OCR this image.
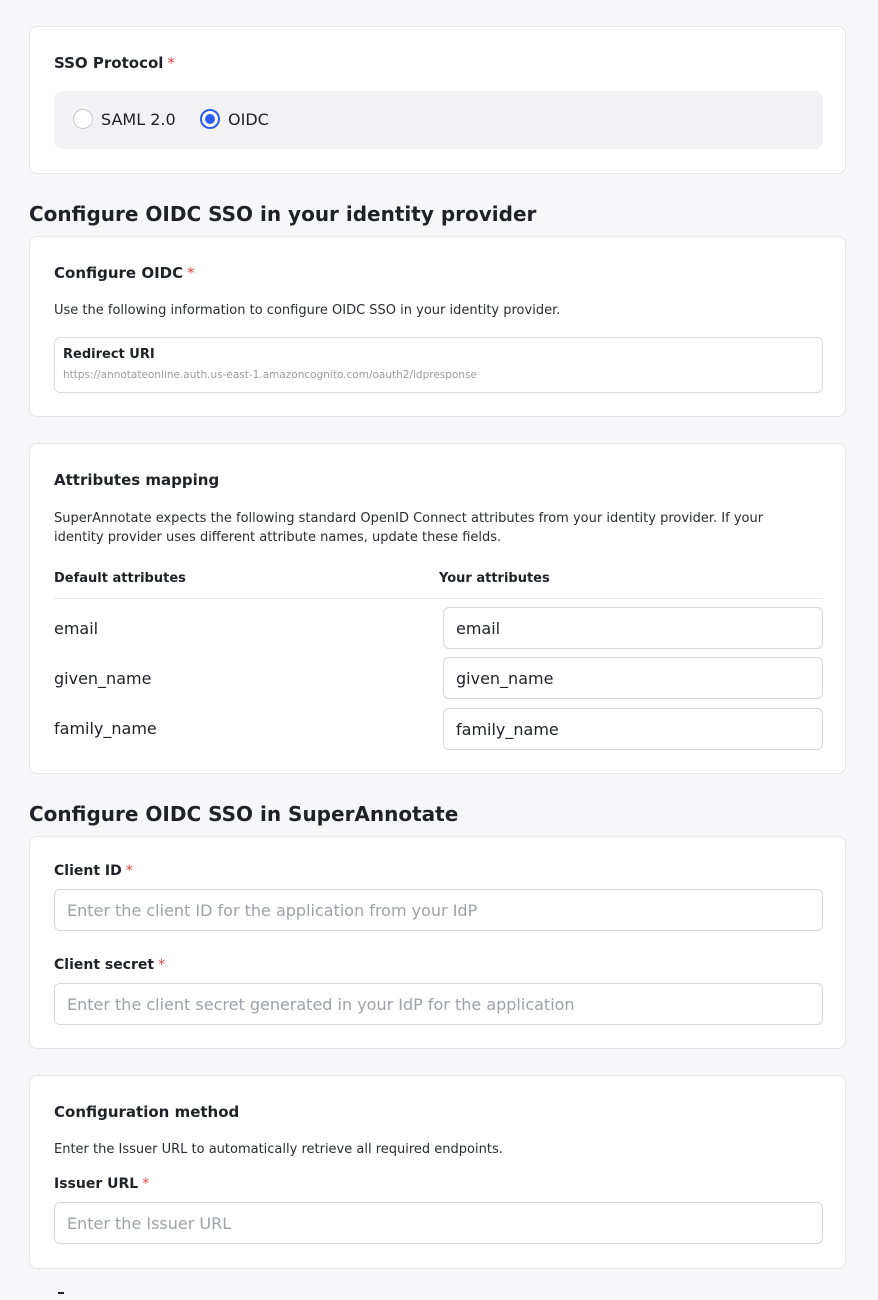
SSO Protocol *
SAML 2.0	OIDC
Configure OIDC SSO in your identity provider
Configure OIDC *
Use the following information to configure OIDC SSO in your identity provider.
Redirect URI
https://annotateonline.auth.us-east-1.amazoncognito.com/oauth2/idpresponse
Attributes mapping
SuperAnnotate expects the following standard OpenID Connect attributes from your identity provider. If your identity provider uses different attribute names, update these fields.
Default attributes	Your attributes
email
email
given_name
given_name
family_name
family_name
Configure OIDC SSO in SuperAnnotate
Client ID *
Enter the client ID for the application from your IdP
Client secret *
Enter the client secret generated in your IdP for the application
Configuration method
Enter the Issuer URL to automatically retrieve all required endpoints.
Issuer URL *
Enter the Issuer URL
